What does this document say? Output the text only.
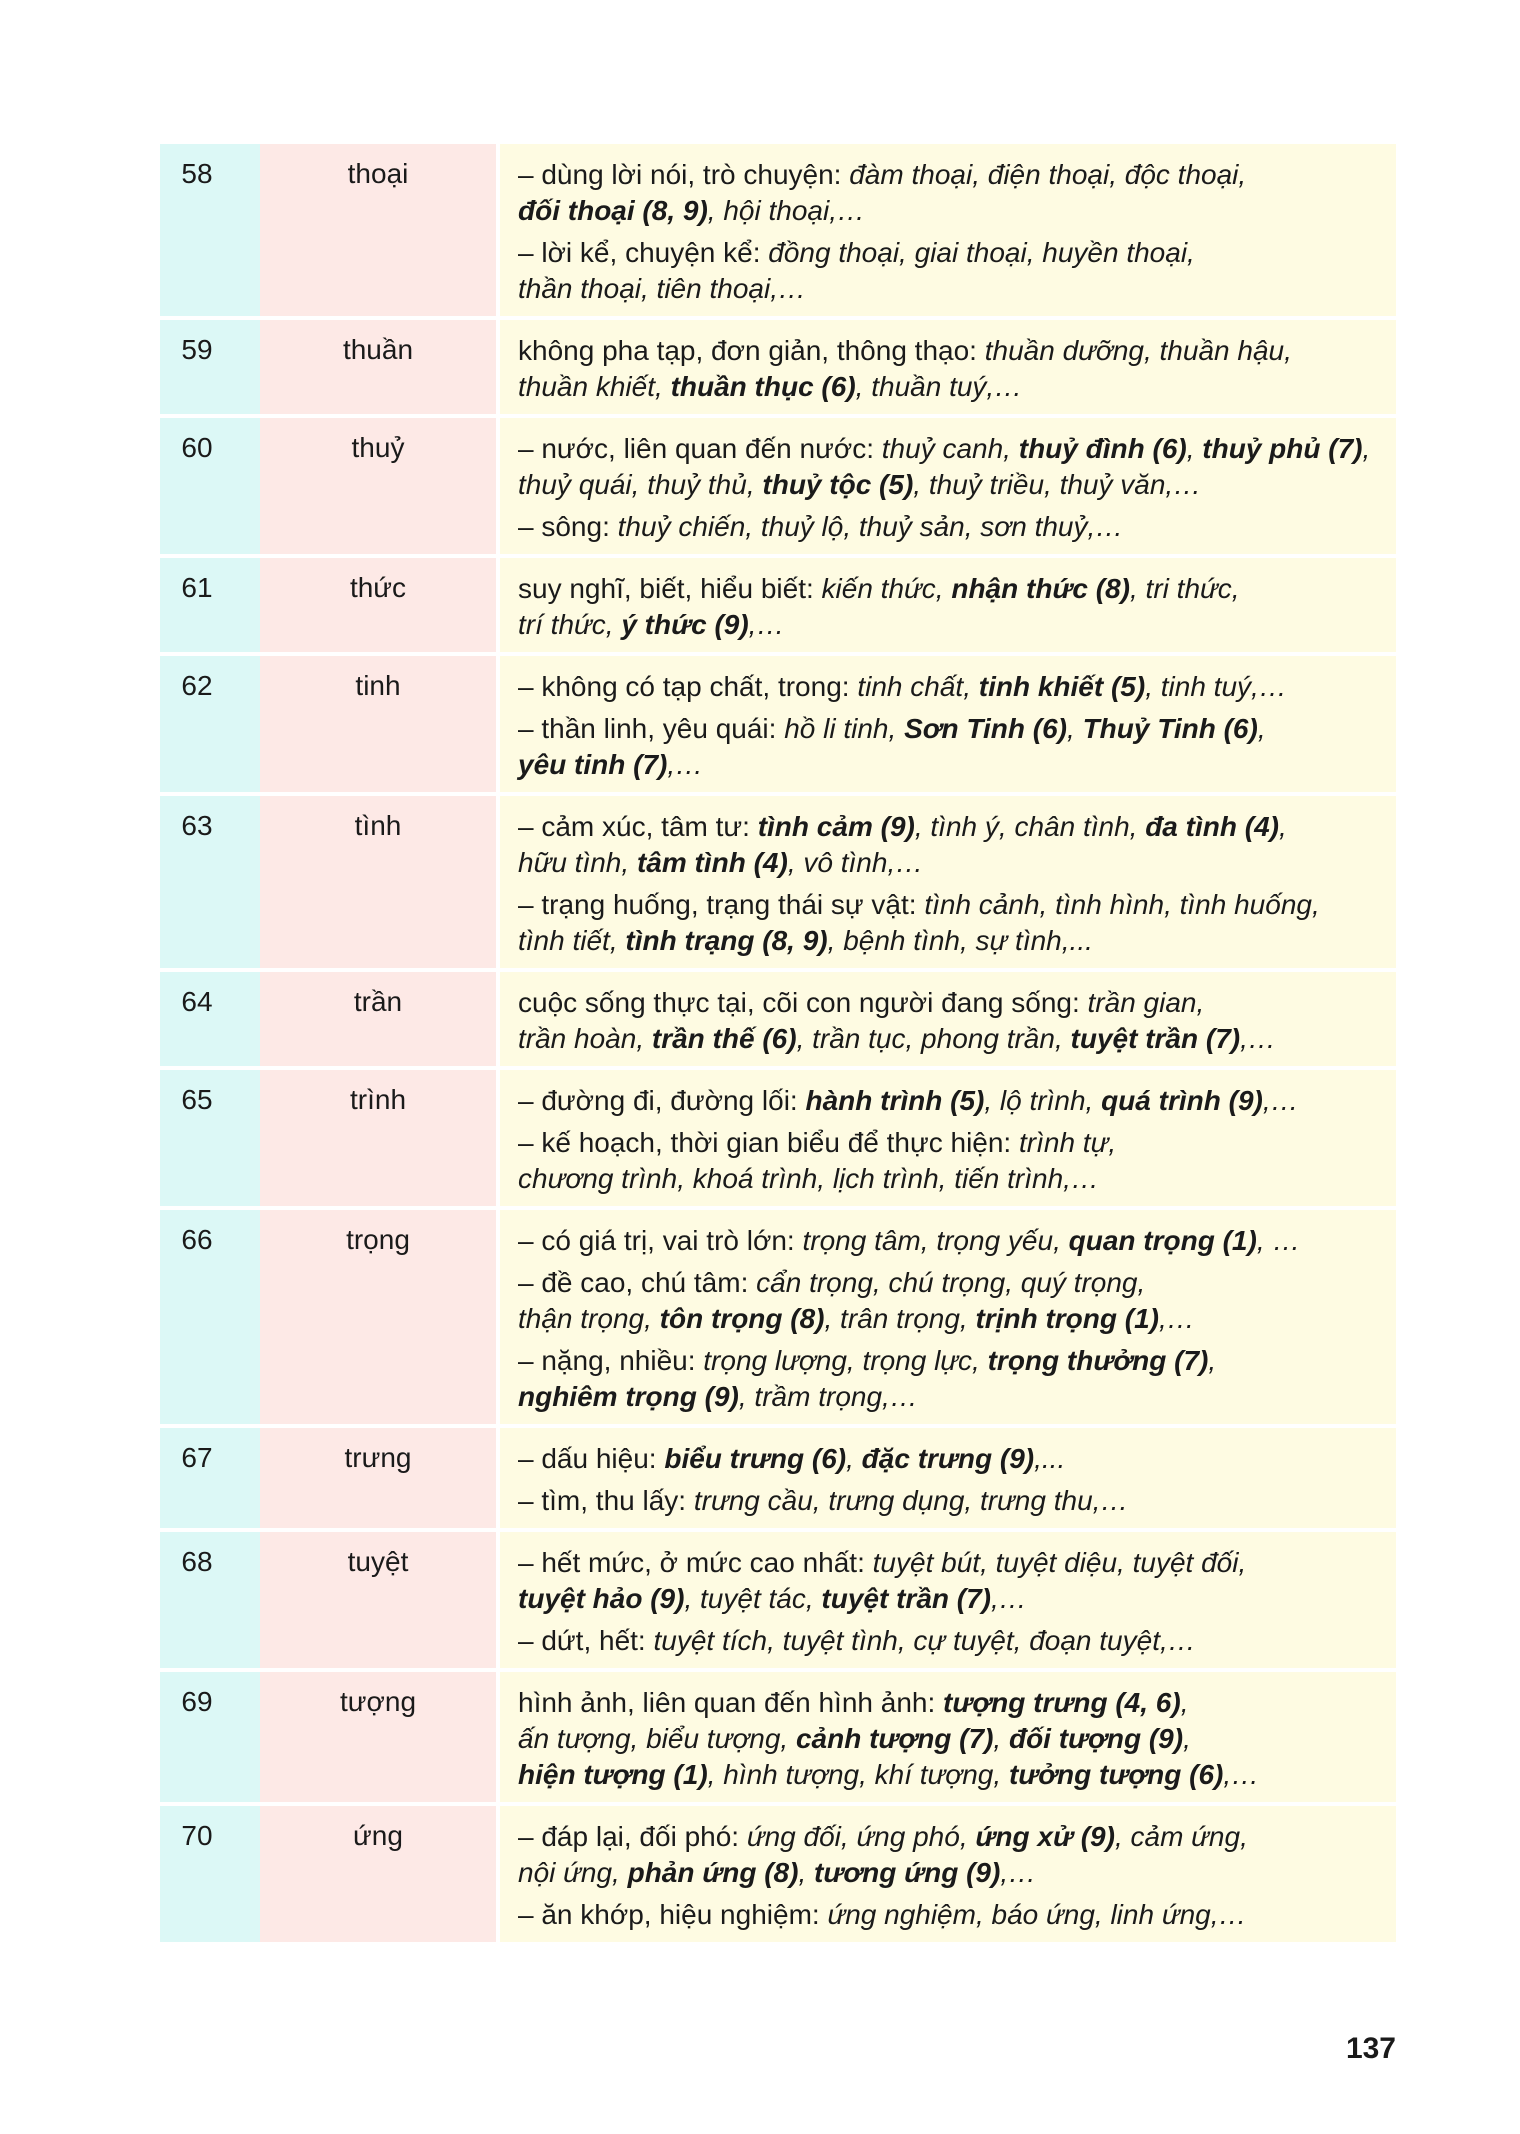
58	thoại		– dùng lời nói, trò chuyện: đàm thoại, điện thoại, độc thoại,
đối thoại (8, 9), hội thoại,…
– lời kể, chuyện kể: đồng thoại, giai thoại, huyền thoại,
thần thoại, tiên thoại,…

59	thuần		không pha tạp, đơn giản, thông thạo: thuần dưỡng, thuần hậu,
thuần khiết, thuần thục (6), thuần tuý,…

60	thuỷ		– nước, liên quan đến nước: thuỷ canh, thuỷ đình (6), thuỷ phủ (7),
thuỷ quái, thuỷ thủ, thuỷ tộc (5), thuỷ triều, thuỷ văn,…
– sông: thuỷ chiến, thuỷ lộ, thuỷ sản, sơn thuỷ,…

61	thức		suy nghĩ, biết, hiểu biết: kiến thức, nhận thức (8), tri thức,
trí thức, ý thức (9),…

62	tinh		– không có tạp chất, trong: tinh chất, tinh khiết (5), tinh tuý,…
– thần linh, yêu quái: hồ li tinh, Sơn Tinh (6), Thuỷ Tinh (6),
yêu tinh (7),…

63	tình		– cảm xúc, tâm tư: tình cảm (9), tình ý, chân tình, đa tình (4),
hữu tình, tâm tình (4), vô tình,…
– trạng huống, trạng thái sự vật: tình cảnh, tình hình, tình huống,
tình tiết, tình trạng (8, 9), bệnh tình, sự tình,...

64	trần		cuộc sống thực tại, cõi con người đang sống: trần gian,
trần hoàn, trần thế (6), trần tục, phong trần, tuyệt trần (7),…

65	trình		– đường đi, đường lối: hành trình (5), lộ trình, quá trình (9),…
– kế hoạch, thời gian biểu để thực hiện: trình tự,
chương trình, khoá trình, lịch trình, tiến trình,…

66	trọng		– có giá trị, vai trò lớn: trọng tâm, trọng yếu, quan trọng (1), …
– đề cao, chú tâm: cẩn trọng, chú trọng, quý trọng,
thận trọng, tôn trọng (8), trân trọng, trịnh trọng (1),…
– nặng, nhiều: trọng lượng, trọng lực, trọng thưởng (7),
nghiêm trọng (9), trầm trọng,…

67	trưng		– dấu hiệu: biểu trưng (6), đặc trưng (9),...
– tìm, thu lấy: trưng cầu, trưng dụng, trưng thu,…

68	tuyệt		– hết mức, ở mức cao nhất: tuyệt bút, tuyệt diệu, tuyệt đối,
tuyệt hảo (9), tuyệt tác, tuyệt trần (7),…
– dứt, hết: tuyệt tích, tuyệt tình, cự tuyệt, đoạn tuyệt,…

69	tượng		hình ảnh, liên quan đến hình ảnh: tượng trưng (4, 6),
ấn tượng, biểu tượng, cảnh tượng (7), đối tượng (9),
hiện tượng (1), hình tượng, khí tượng, tưởng tượng (6),…

70	ứng		– đáp lại, đối phó: ứng đối, ứng phó, ứng xử (9), cảm ứng,
nội ứng, phản ứng (8), tương ứng (9),…
– ăn khớp, hiệu nghiệm: ứng nghiệm, báo ứng, linh ứng,…
137
